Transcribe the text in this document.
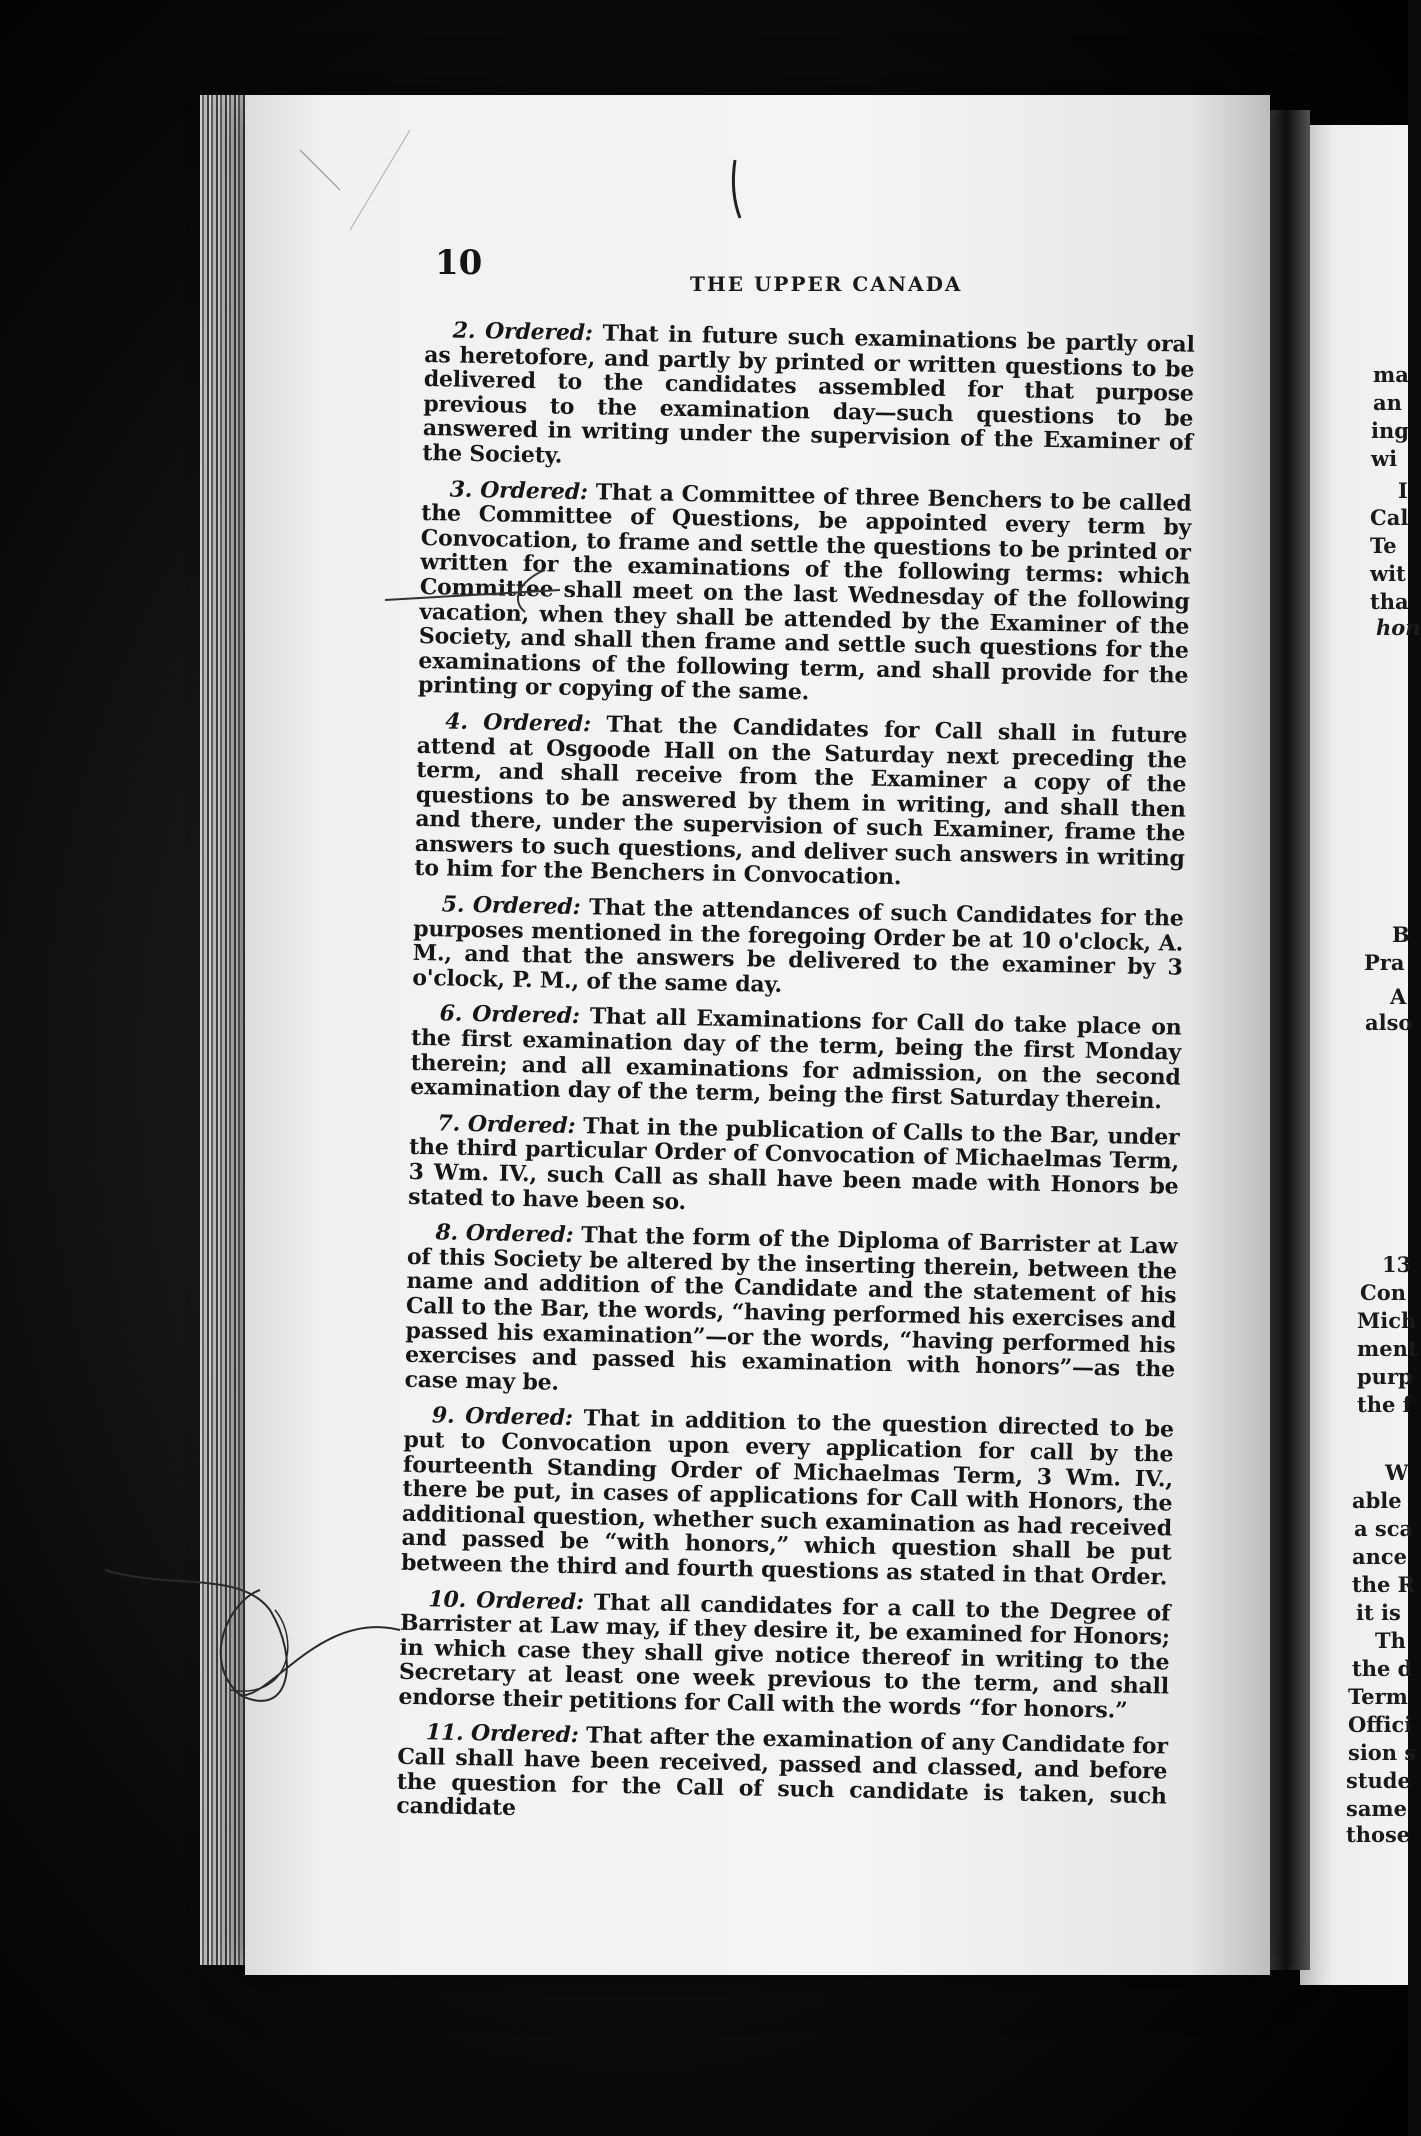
10
THE UPPER CANADA

2. Ordered: That in future such examinations be partly oral as heretofore, and partly by printed or written questions to be delivered to the candidates assembled for that purpose previous to the examination day—such questions to be answered in writing under the supervision of the Examiner of the Society.

3. Ordered: That a Committee of three Benchers to be called the Committee of Questions, be appointed every term by Convocation, to frame and settle the questions to be printed or written for the examinations of the following terms: which Committee shall meet on the last Wednesday of the following vacation, when they shall be attended by the Examiner of the Society, and shall then frame and settle such questions for the examinations of the following term, and shall provide for the printing or copying of the same.

4. Ordered: That the Candidates for Call shall in future attend at Osgoode Hall on the Saturday next preceding the term, and shall receive from the Examiner a copy of the questions to be answered by them in writing, and shall then and there, under the supervision of such Examiner, frame the answers to such questions, and deliver such answers in writing to him for the Benchers in Convocation.

5. Ordered: That the attendances of such Candidates for the purposes mentioned in the foregoing Order be at 10 o'clock, A. M., and that the answers be delivered to the examiner by 3 o'clock, P. M., of the same day.

6. Ordered: That all Examinations for Call do take place on the first examination day of the term, being the first Monday therein; and all examinations for admission, on the second examination day of the term, being the first Saturday therein.

7. Ordered: That in the publication of Calls to the Bar, under the third particular Order of Convocation of Michaelmas Term, 3 Wm. IV., such Call as shall have been made with Honors be stated to have been so.

8. Ordered: That the form of the Diploma of Barrister at Law of this Society be altered by the inserting therein, between the name and addition of the Candidate and the statement of his Call to the Bar, the words, “having performed his exercises and passed his examination”—or the words, “having performed his exercises and passed his examination with honors”—as the case may be.

9. Ordered: That in addition to the question directed to be put to Convocation upon every application for call by the fourteenth Standing Order of Michaelmas Term, 3 Wm. IV., there be put, in cases of applications for Call with Honors, the additional question, whether such examination as had received and passed be “with honors,” which question shall be put between the third and fourth questions as stated in that Order.

10. Ordered: That all candidates for a call to the Degree of Barrister at Law may, if they desire it, be examined for Honors; in which case they shall give notice thereof in writing to the Secretary at least one week previous to the term, and shall endorse their petitions for Call with the words “for honors.”

11. Ordered: That after the examination of any Candidate for Call shall have been received, passed and classed, and before the question for the Call of such candidate is taken, such candidate

ma
an
ing
wi
I
Cal
Te
wit
tha
hon
B
Pra
A
also
13
Con
Mich
ment
purp
the f
W
able
a sca
ance
the R
it is
Th
the d
Term
Offici
sion s
stude
same
those
